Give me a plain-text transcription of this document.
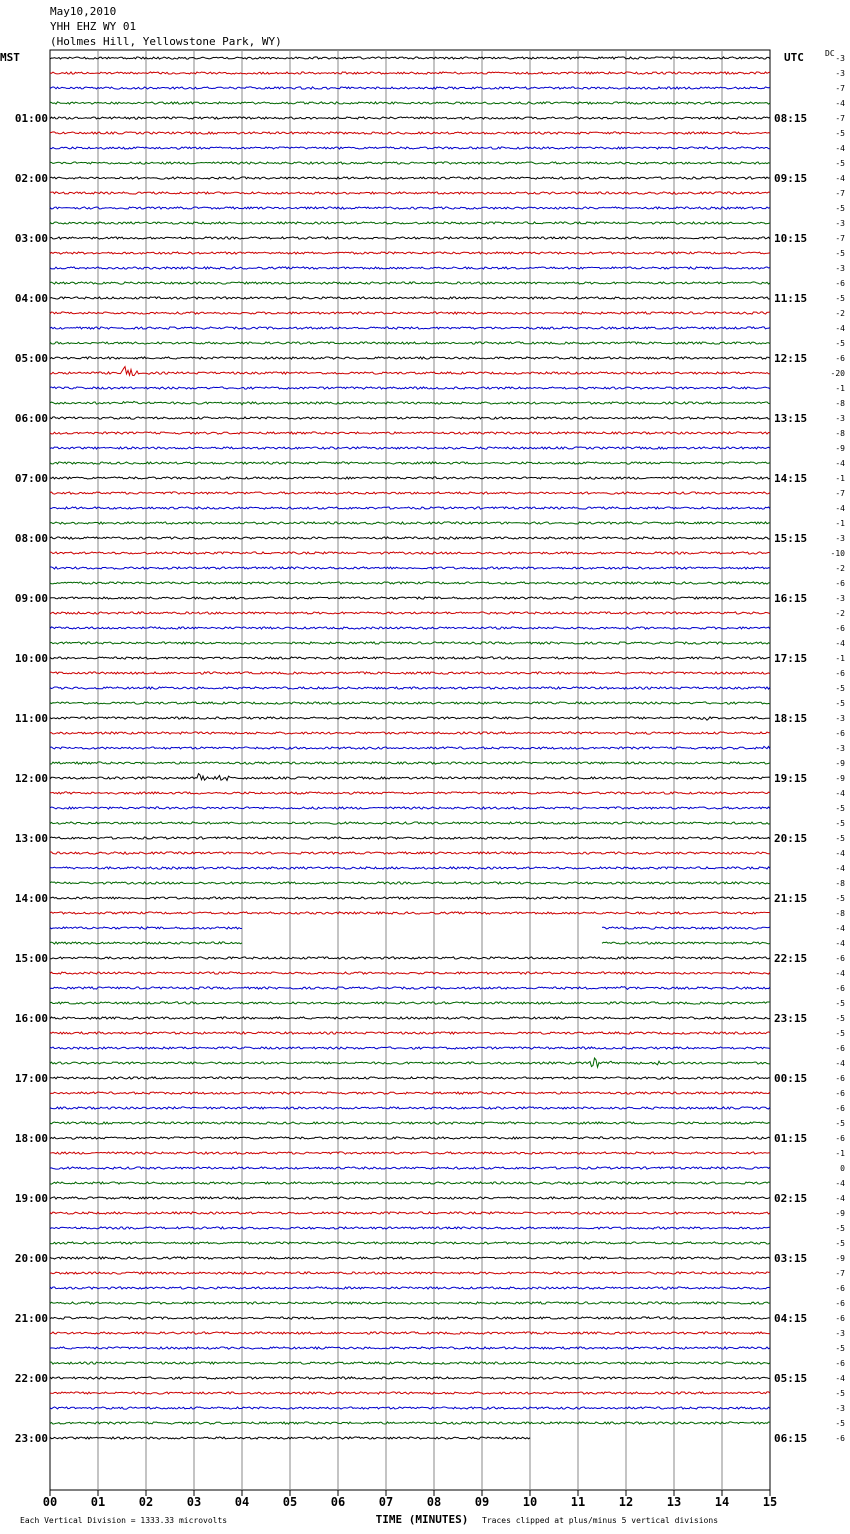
May10,2010
YHH EHZ WY 01
(Holmes Hill, Yellowstone Park, WY)
00	01	02	03	04	05	06	07	08	09	10	11	12	13	14	15
-3
-3
-7
-4
-7
01:00	08:15
-5
-4
-5
-4
02:00	09:15
-7
-5
-3
-7
03:00	10:15
-5
-3
-6
-5
04:00	11:15
-2
-4
-5
-6
05:00	12:15
-20
-1
-8
-3
06:00	13:15
-8
-9
-4
-1
07:00	14:15
-7
-4
-1
-3
08:00	15:15
-10
-2
-6
-3
09:00	16:15
-2
-6
-4
-1
10:00	17:15
-6
-5
-5
-3
11:00	18:15
-6
-3
-9
-9
12:00	19:15
-4
-5
-5
-5
13:00	20:15
-4
-4
-8
-5
14:00	21:15
-8
-4
-4
-6
15:00	22:15
-4
-6
-5
-5
16:00	23:15
-5
-6
-4
-6
17:00	00:15
-6
-6
-5
-6
18:00	01:15
-1
0
-4
-4
19:00	02:15
-9
-5
-5
-9
20:00	03:15
-7
-6
-6
-6
21:00	04:15
-3
-5
-6
-4
22:00	05:15
-5
-3
-5
-6
23:00	06:15
MST	UTC	DC
Each Vertical Division = 1333.33 microvolts	TIME (MINUTES) Traces clipped at plus/minus 5 vertical divisions
